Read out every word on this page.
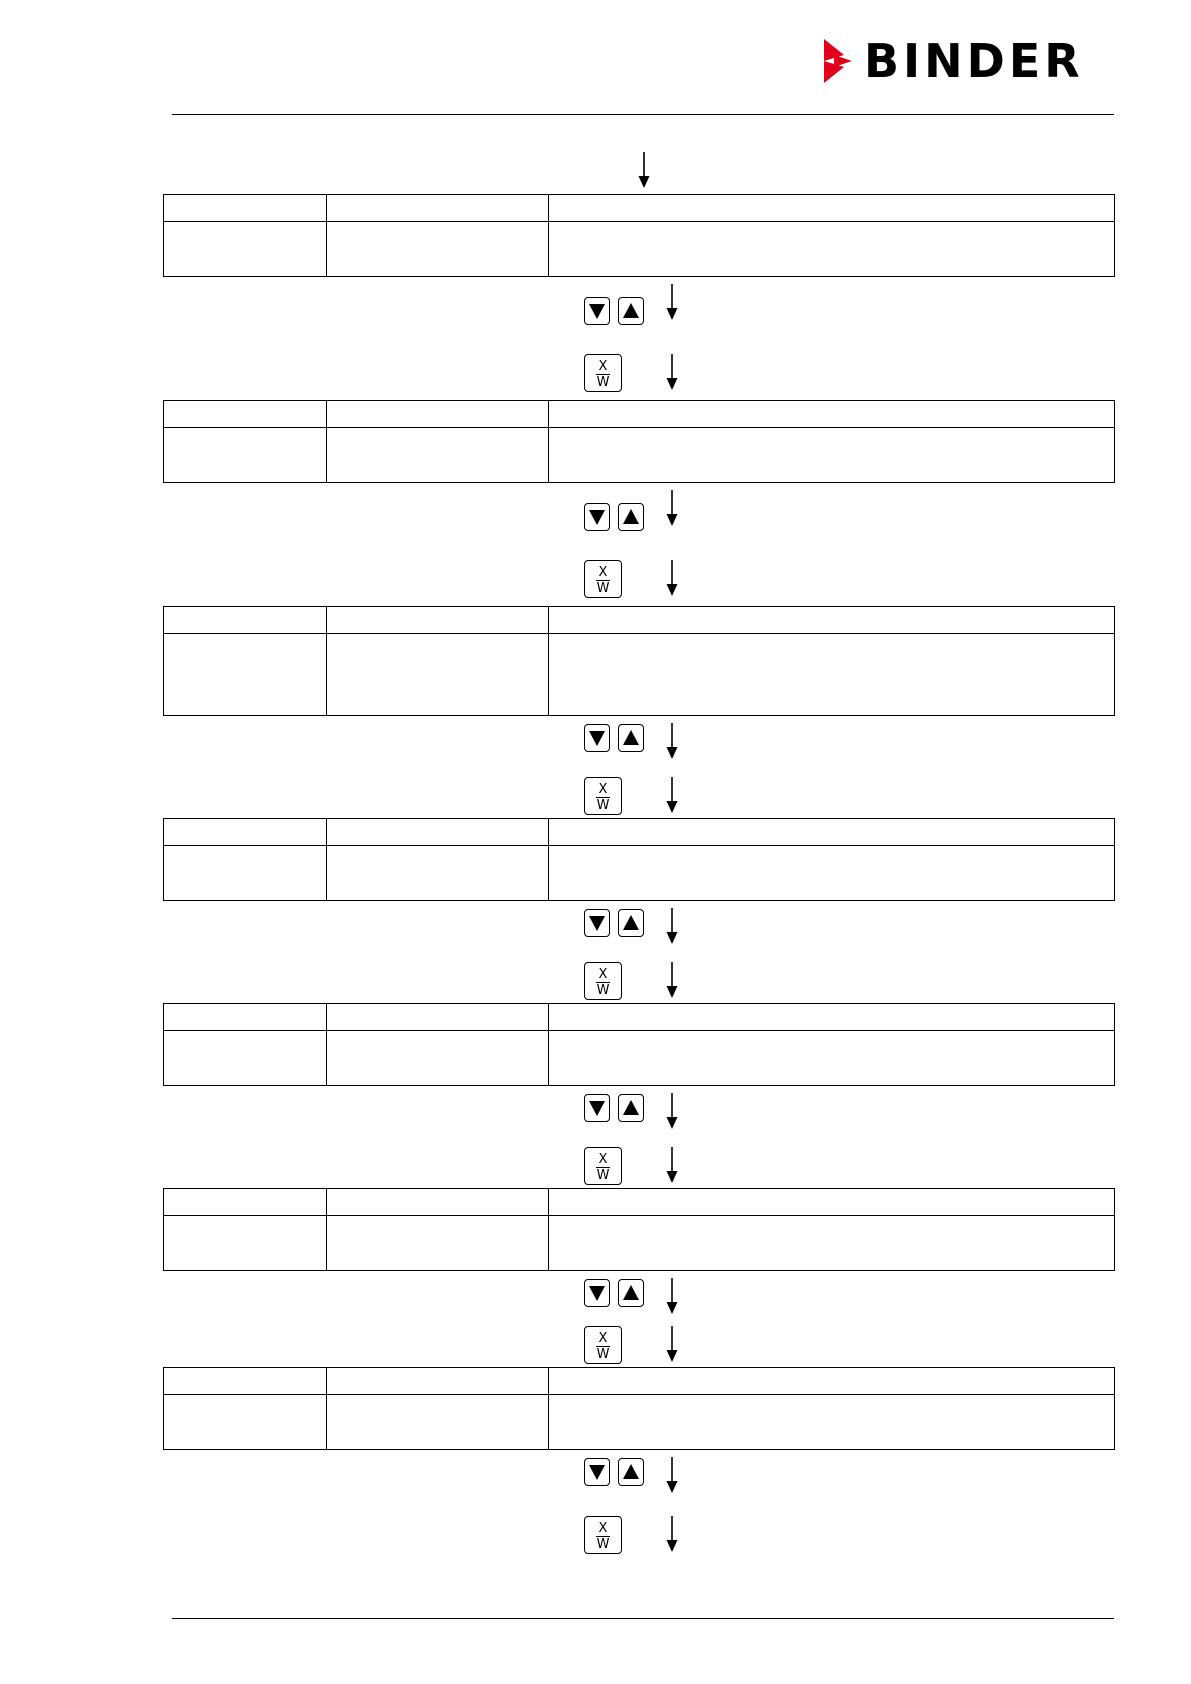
BINDER

X
W

X
W

X
W

X
W

X
W

X
W

X
W
